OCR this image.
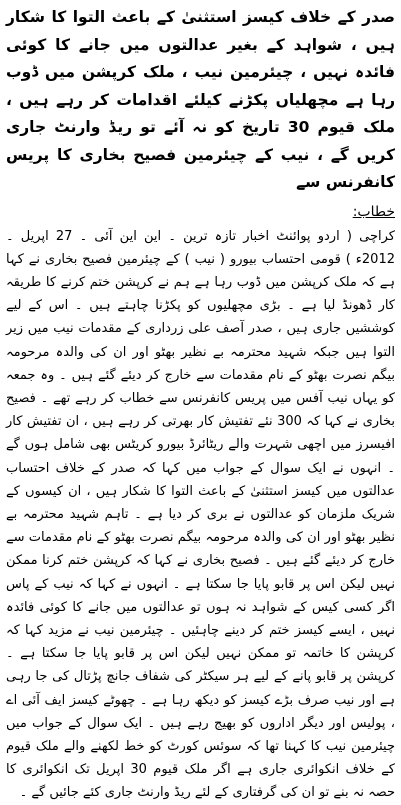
صدر کے خلاف کیسز استثنیٰ کے باعث التوا کا شکار ہیں ، شواہد کے بغیر عدالتوں میں جانے کا کوئی فائدہ نہیں ، چیئرمین نیب ، ملک کرپشن میں ڈوب رہا ہے مچھلیاں پکڑنے کیلئے اقدامات کر رہے ہیں ، ملک قیوم 30 تاریخ کو نہ آئے تو ریڈ وارنٹ جاری کریں گے ، نیب کے چیئرمین فصیح بخاری کا پریس کانفرنس سے
خطاب:

کراچی ( اردو پوائنٹ اخبار تازہ ترین ۔ این این آئی ۔ 27 اپریل ۔ 2012ء ) قومی احتساب بیورو ( نیب ) کے چیئرمین فصیح بخاری نے کہا ہے کہ ملک کرپشن میں ڈوب رہا ہے ہم نے کرپشن ختم کرنے کا طریقہ کار ڈھونڈ لیا ہے ۔ بڑی مچھلیوں کو پکڑنا چاہتے ہیں ۔ اس کے لیے کوششیں جاری ہیں ، صدر آصف علی زرداری کے مقدمات نیب میں زیر التوا ہیں جبکہ شہید محترمہ بے نظیر بھٹو اور ان کی والدہ مرحومہ بیگم نصرت بھٹو کے نام مقدمات سے خارج کر دیئے گئے ہیں ۔ وہ جمعہ کو یہاں نیب آفس میں پریس کانفرنس سے خطاب کر رہے تھے ۔ فصیح بخاری نے کہا کہ 300 نئے تفتیش کار بھرتی کر رہے ہیں ، ان تفتیش کار افیسرز میں اچھی شہرت والے ریٹائرڈ بیورو کریٹس بھی شامل ہوں گے ۔ انہوں نے ایک سوال کے جواب میں کہا کہ صدر کے خلاف احتساب عدالتوں میں کیسز استثنیٰ کے باعث التوا کا شکار ہیں ، ان کیسوں کے شریک ملزمان کو عدالتوں نے بری کر دیا ہے ۔ تاہم شہید محترمہ بے نظیر بھٹو اور ان کی والدہ مرحومہ بیگم نصرت بھٹو کے نام مقدمات سے خارج کر دیئے گئے ہیں ۔ فصیح بخاری نے کہا کہ کرپشن ختم کرنا ممکن نہیں لیکن اس پر قابو پایا جا سکتا ہے ۔ انہوں نے کہا کہ نیب کے پاس اگر کسی کیس کے شواہد نہ ہوں تو عدالتوں میں جانے کا کوئی فائدہ نہیں ، ایسے کیسز ختم کر دینے چاہئیں ۔ چیئرمین نیب نے مزید کہا کہ کرپشن کا خاتمہ تو ممکن نہیں لیکن اس پر قابو پایا جا سکتا ہے ۔ کرپشن پر قابو پانے کے لیے ہر سیکٹر کی شفاف جانچ پڑتال کی جا رہی ہے اور نیب صرف بڑے کیسز کو دیکھ رہا ہے ۔ چھوٹے کیسز ایف آئی اے ، پولیس اور دیگر اداروں کو بھیج رہے ہیں ۔ ایک سوال کے جواب میں چیئرمین نیب کا کہنا تھا کہ سوئس کورٹ کو خط لکھنے والے ملک قیوم کے خلاف انکوائری جاری ہے اگر ملک قیوم 30 اپریل تک انکوائری کا حصہ نہ بنے تو ان کی گرفتاری کے لئے ریڈ وارنٹ جاری کئے جائیں گے ۔
